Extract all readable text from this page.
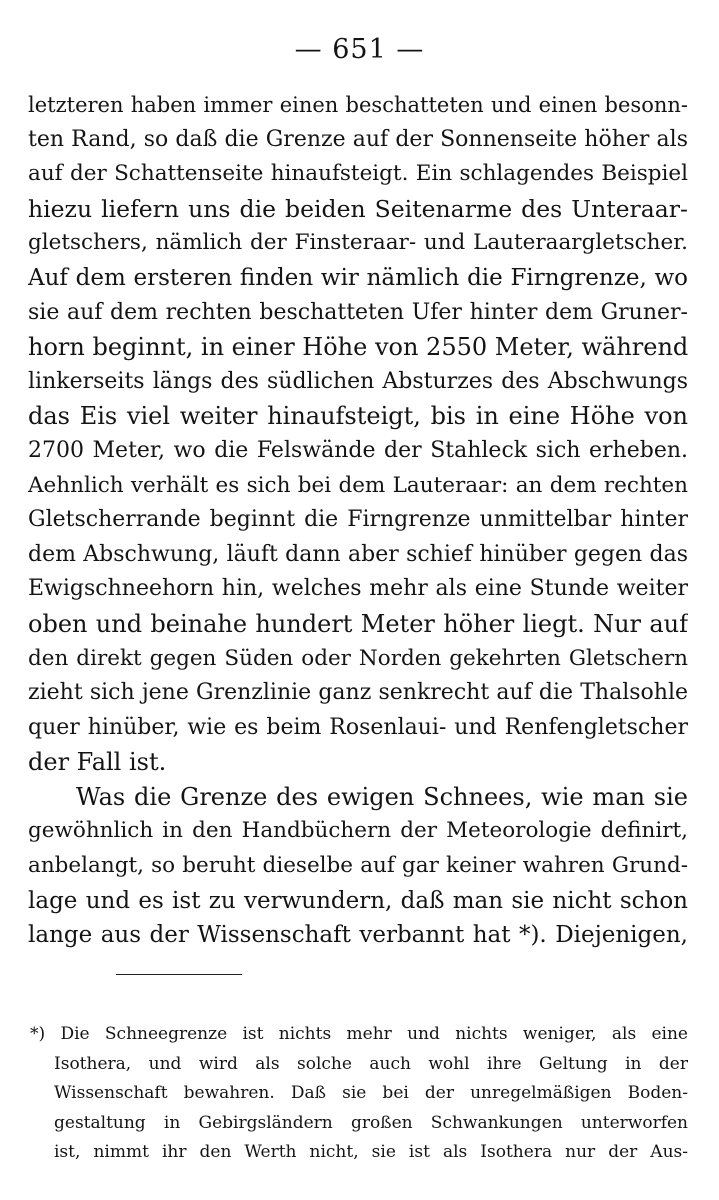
— 651 —
letzteren haben immer einen beschatteten und einen besonn-
ten Rand, so daß die Grenze auf der Sonnenseite höher als
auf der Schattenseite hinaufsteigt. Ein schlagendes Beispiel
hiezu liefern uns die beiden Seitenarme des Unteraar-
gletschers, nämlich der Finsteraar- und Lauteraargletscher.
Auf dem ersteren finden wir nämlich die Firngrenze, wo
sie auf dem rechten beschatteten Ufer hinter dem Gruner-
horn beginnt, in einer Höhe von 2550 Meter, während
linkerseits längs des südlichen Absturzes des Abschwungs
das Eis viel weiter hinaufsteigt, bis in eine Höhe von
2700 Meter, wo die Felswände der Stahleck sich erheben.
Aehnlich verhält es sich bei dem Lauteraar: an dem rechten
Gletscherrande beginnt die Firngrenze unmittelbar hinter
dem Abschwung, läuft dann aber schief hinüber gegen das
Ewigschneehorn hin, welches mehr als eine Stunde weiter
oben und beinahe hundert Meter höher liegt. Nur auf
den direkt gegen Süden oder Norden gekehrten Gletschern
zieht sich jene Grenzlinie ganz senkrecht auf die Thalsohle
quer hinüber, wie es beim Rosenlaui- und Renfengletscher
der Fall ist.
Was die Grenze des ewigen Schnees, wie man sie
gewöhnlich in den Handbüchern der Meteorologie definirt,
anbelangt, so beruht dieselbe auf gar keiner wahren Grund-
lage und es ist zu verwundern, daß man sie nicht schon
lange aus der Wissenschaft verbannt hat *). Diejenigen,
*) Die Schneegrenze ist nichts mehr und nichts weniger, als eine
Isothera, und wird als solche auch wohl ihre Geltung in der
Wissenschaft bewahren. Daß sie bei der unregelmäßigen Boden-
gestaltung in Gebirgsländern großen Schwankungen unterworfen
ist, nimmt ihr den Werth nicht, sie ist als Isothera nur der Aus-
